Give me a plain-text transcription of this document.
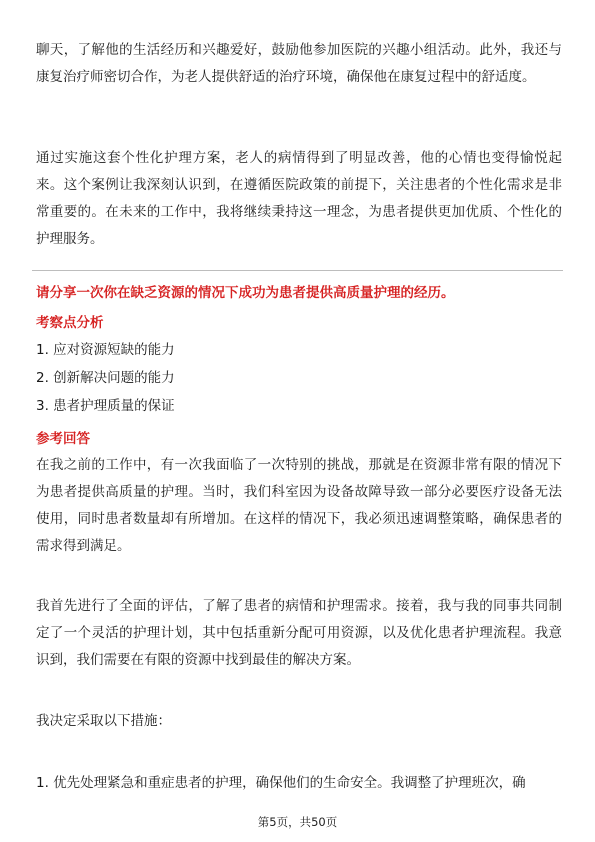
聊天，了解他的生活经历和兴趣爱好，鼓励他参加医院的兴趣小组活动。此外，我还与康复治疗师密切合作，为老人提供舒适的治疗环境，确保他在康复过程中的舒适度。

通过实施这套个性化护理方案，老人的病情得到了明显改善，他的心情也变得愉悦起来。这个案例让我深刻认识到，在遵循医院政策的前提下，关注患者的个性化需求是非常重要的。在未来的工作中，我将继续秉持这一理念，为患者提供更加优质、个性化的护理服务。

请分享一次你在缺乏资源的情况下成功为患者提供高质量护理的经历。
考察点分析
1. 应对资源短缺的能力
2. 创新解决问题的能力
3. 患者护理质量的保证
参考回答

在我之前的工作中，有一次我面临了一次特别的挑战，那就是在资源非常有限的情况下为患者提供高质量的护理。当时，我们科室因为设备故障导致一部分必要医疗设备无法使用，同时患者数量却有所增加。在这样的情况下，我必须迅速调整策略，确保患者的需求得到满足。

我首先进行了全面的评估，了解了患者的病情和护理需求。接着，我与我的同事共同制定了一个灵活的护理计划，其中包括重新分配可用资源，以及优化患者护理流程。我意识到，我们需要在有限的资源中找到最佳的解决方案。

我决定采取以下措施：

1. 优先处理紧急和重症患者的护理，确保他们的生命安全。我调整了护理班次，确

第5页，共50页
